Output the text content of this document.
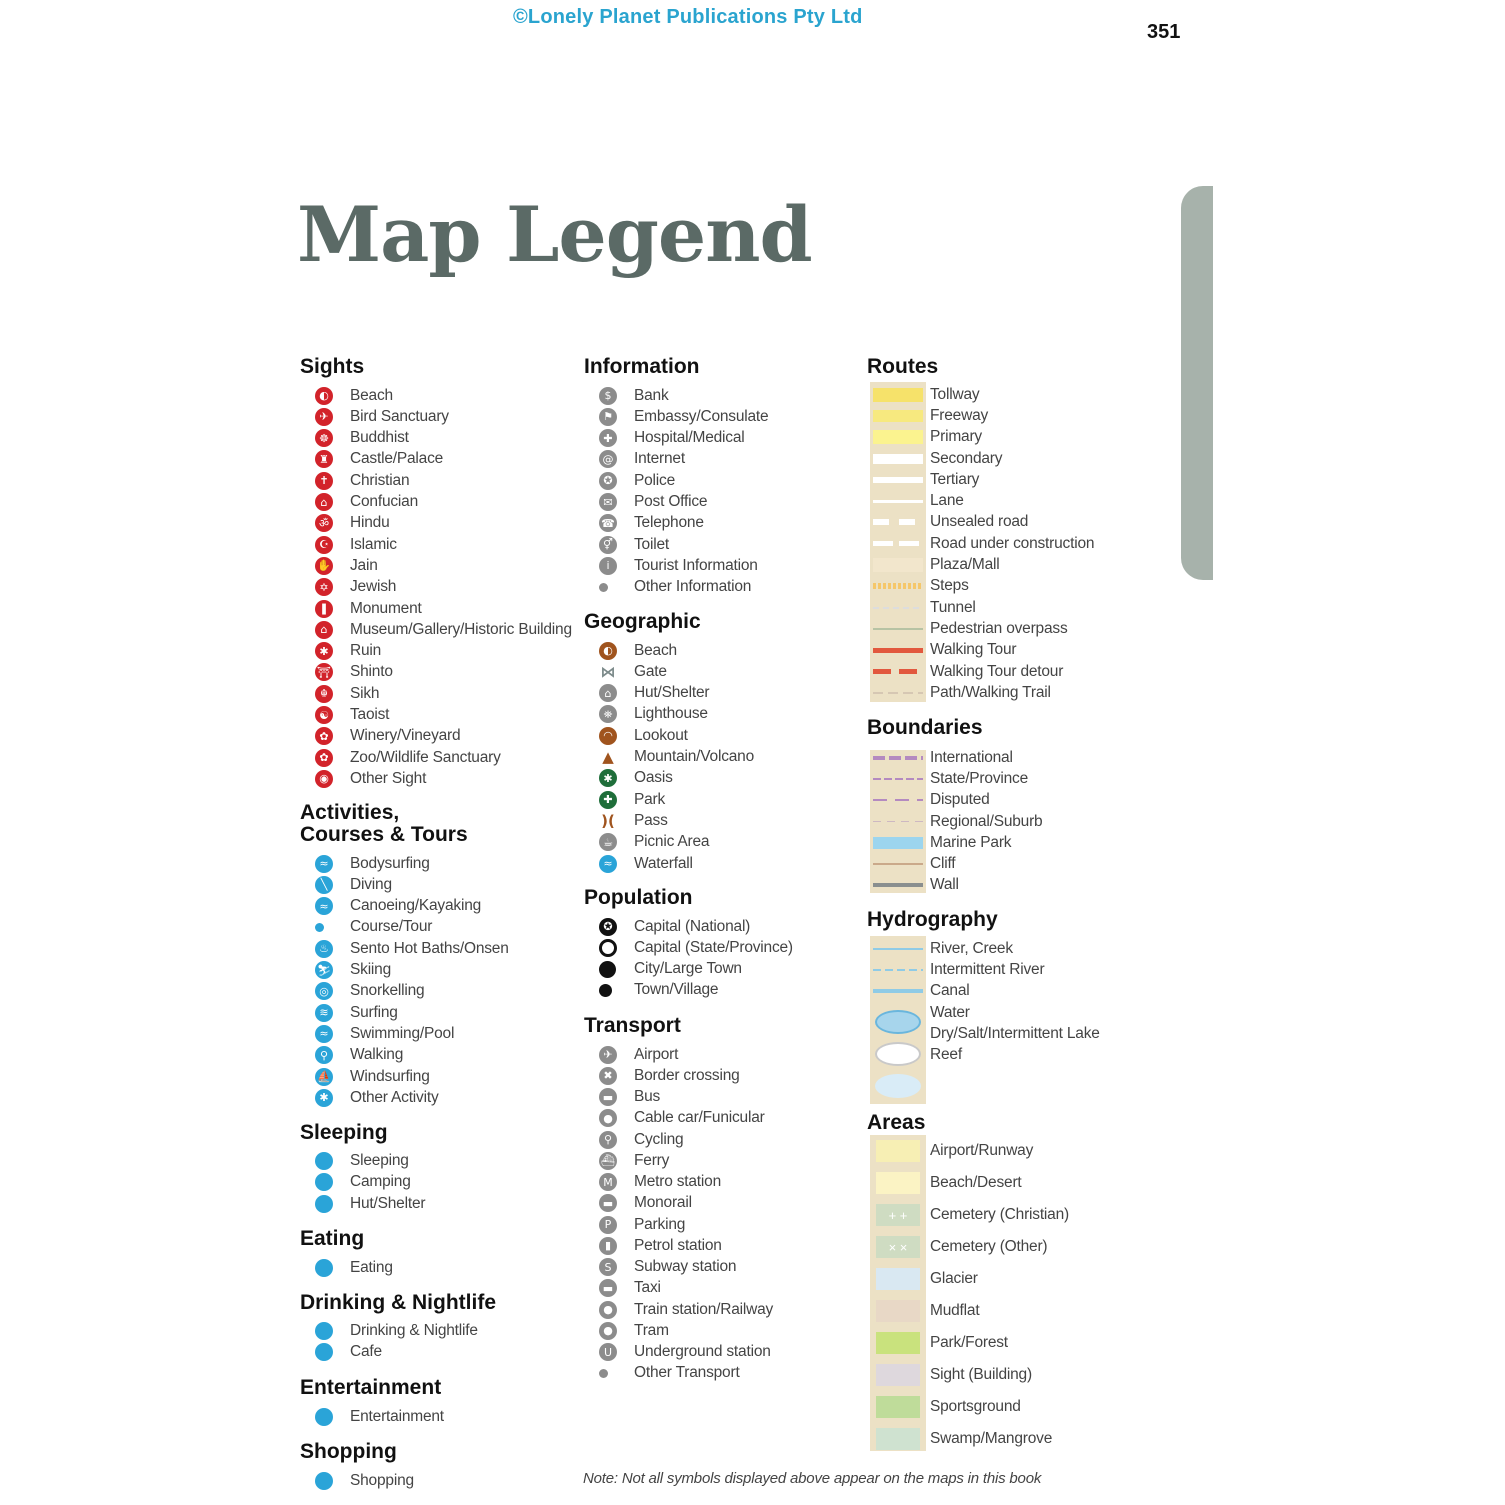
©Lonely Planet Publications Pty Ltd
351
Map Legend
Sights
◐ Beach
✈ Bird Sanctuary
☸ Buddhist
♜ Castle/Palace
✝ Christian
⌂	Confucian
ॐ Hindu
☪ Islamic
✋ Jain
✡ Jewish
❚ Monument
⌂	Museum/Gallery/Historic Building
✱ Ruin
⛩ Shinto
☬	Sikh
☯ Taoist
✿ Winery/Vineyard
✿ Zoo/Wildlife Sanctuary
◉ Other Sight
Activities,
Courses & Tours
≈ Bodysurfing
╲	Diving
≈ Canoeing/Kayaking
Course/Tour
♨ Sento Hot Baths/Onsen
⛷ Skiing
◎ Snorkelling
≋ Surfing
≈ Swimming/Pool
⚲	Walking
⛵ Windsurfing
✱ Other Activity
Sleeping
Sleeping
Camping
Hut/Shelter
Eating
Eating
Drinking & Nightlife
Drinking & Nightlife
Cafe
Entertainment
Entertainment
Shopping
Shopping
Information
$	Bank
⚑ Embassy/Consulate
✚ Hospital/Medical
@ Internet
✪ Police
✉ Post Office
☎ Telephone
⚥ Toilet
i	Tourist Information
Other Information
Geographic
◐ Beach
⋈ Gate
⌂	Hut/Shelter
⛯ Lighthouse
◠ Lookout
▲ Mountain/Volcano
✱ Oasis
✚ Park
)( Pass
☕ Picnic Area
≈ Waterfall
Population
✪ Capital (National)
Capital (State/Province)
City/Large Town
Town/Village
Transport
✈ Airport
✖ Border crossing
▬ Bus
● Cable car/Funicular
⚲	Cycling
⛴ Ferry
M Metro station
▬ Monorail
P	Parking
▮	Petrol station
S	Subway station
▬ Taxi
● Train station/Railway
● Tram
U	Underground station
Other Transport
Routes
Tollway
Freeway
Primary
Secondary
Tertiary
Lane
Unsealed road
Road under construction
Plaza/Mall
Steps
Tunnel
Pedestrian overpass
Walking Tour
Walking Tour detour
Path/Walking Trail
Boundaries
International
State/Province
Disputed
Regional/Suburb
Marine Park
Cliff
Wall
Hydrography
River, Creek
Intermittent River
Canal
Water
Dry/Salt/Intermittent Lake
Reef
Areas
Airport/Runway
Beach/Desert
+ +	Cemetery (Christian)
× ×	Cemetery (Other)
Glacier
Mudflat
Park/Forest
Sight (Building)
Sportsground
Swamp/Mangrove
Note: Not all symbols displayed above appear on the maps in this book
